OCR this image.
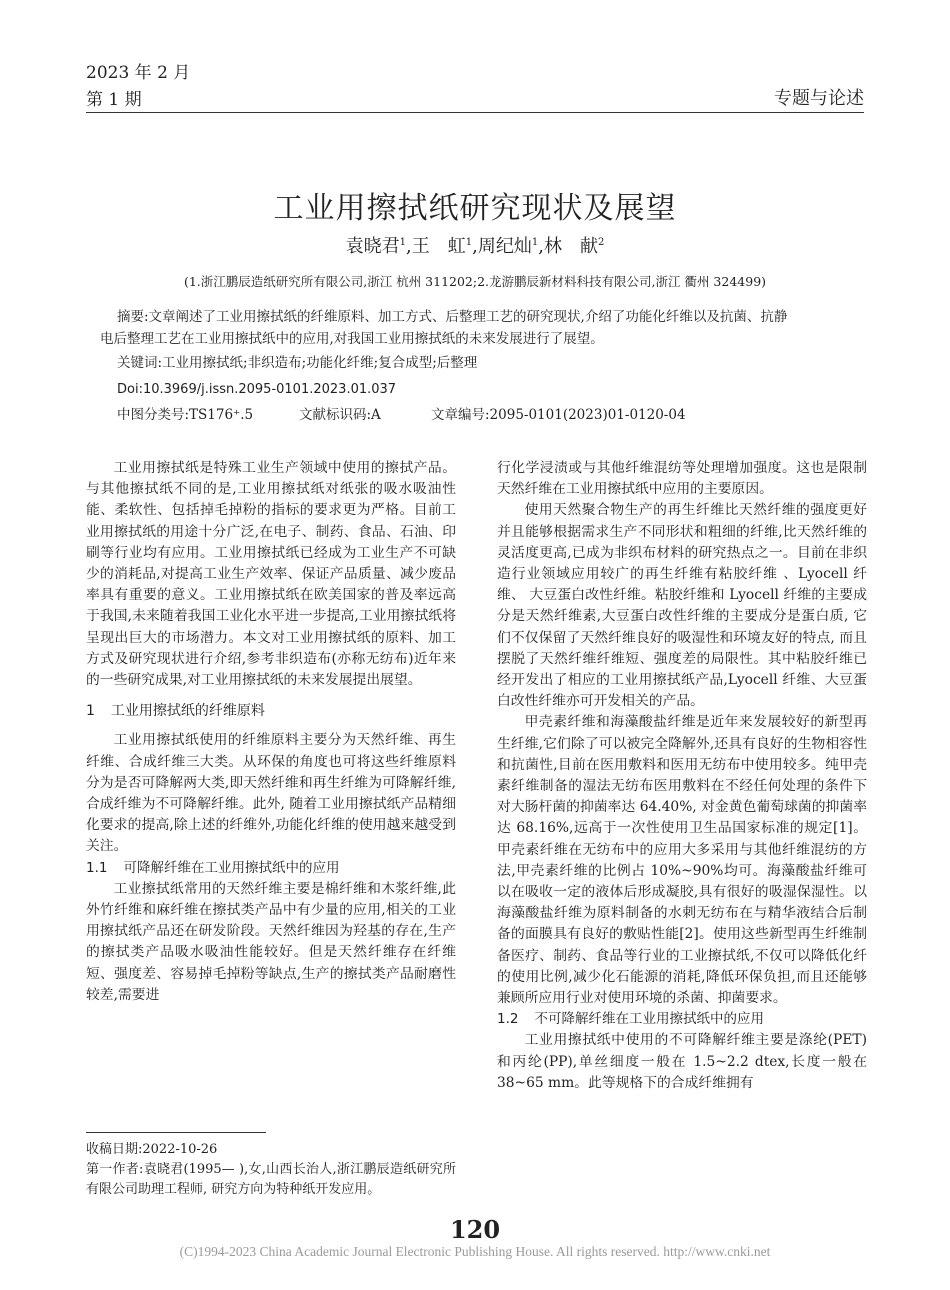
2023 年 2 月
第 1 期	专题与论述
工业用擦拭纸研究现状及展望
袁晓君$^1$,王　虹$^1$,周纪灿$^1$,林　献$^2$
(1.浙江鹏辰造纸研究所有限公司,浙江 杭州 311202;2.龙游鹏辰新材料科技有限公司,浙江 衢州 324499)
摘要:文章阐述了工业用擦拭纸的纤维原料、加工方式、后整理工艺的研究现状,介绍了功能化纤维以及抗菌、抗静
电后整理工艺在工业用擦拭纸中的应用,对我国工业用擦拭纸的未来发展进行了展望。
关键词:工业用擦拭纸;非织造布;功能化纤维;复合成型;后整理
Doi:10.3969/j.issn.2095-0101.2023.01.037
中图分类号:TS176⁺.5	文献标识码:A	文章编号:2095-0101(2023)01-0120-04

工业用擦拭纸是特殊工业生产领域中使用的擦拭产品。与其他擦拭纸不同的是,工业用擦拭纸对纸张的吸水吸油性能、柔软性、包括掉毛掉粉的指标的要求更为严格。目前工业用擦拭纸的用途十分广泛,在电子、制药、食品、石油、印刷等行业均有应用。工业用擦拭纸已经成为工业生产不可缺少的消耗品,对提高工业生产效率、保证产品质量、减少废品率具有重要的意义。工业用擦拭纸在欧美国家的普及率远高于我国,未来随着我国工业化水平进一步提高,工业用擦拭纸将呈现出巨大的市场潜力。本文对工业用擦拭纸的原料、加工方式及研究现状进行介绍,参考非织造布(亦称无纺布)近年来的一些研究成果,对工业用擦拭纸的未来发展提出展望。

1 工业用擦拭纸的纤维原料

工业用擦拭纸使用的纤维原料主要分为天然纤维、再生纤维、合成纤维三大类。从环保的角度也可将这些纤维原料分为是否可降解两大类,即天然纤维和再生纤维为可降解纤维, 合成纤维为不可降解纤维。此外, 随着工业用擦拭纸产品精细化要求的提高,除上述的纤维外,功能化纤维的使用越来越受到关注。

1.1 可降解纤维在工业用擦拭纸中的应用

工业擦拭纸常用的天然纤维主要是棉纤维和木浆纤维,此外竹纤维和麻纤维在擦拭类产品中有少量的应用,相关的工业用擦拭纸产品还在研发阶段。天然纤维因为羟基的存在,生产的擦拭类产品吸水吸油性能较好。但是天然纤维存在纤维短、强度差、容易掉毛掉粉等缺点,生产的擦拭类产品耐磨性较差,需要进

收稿日期:2022-10-26

第一作者:袁晓君(1995— ),女,山西长治人,浙江鹏辰造纸研究所有限公司助理工程师, 研究方向为特种纸开发应用。

行化学浸渍或与其他纤维混纺等处理增加强度。这也是限制天然纤维在工业用擦拭纸中应用的主要原因。

使用天然聚合物生产的再生纤维比天然纤维的强度更好并且能够根据需求生产不同形状和粗细的纤维,比天然纤维的灵活度更高,已成为非织布材料的研究热点之一。目前在非织造行业领域应用较广的再生纤维有粘胶纤维 、Lyocell 纤维、 大豆蛋白改性纤维。粘胶纤维和 Lyocell 纤维的主要成分是天然纤维素,大豆蛋白改性纤维的主要成分是蛋白质, 它们不仅保留了天然纤维良好的吸湿性和环境友好的特点, 而且摆脱了天然纤维纤维短、强度差的局限性。其中粘胶纤维已经开发出了相应的工业用擦拭纸产品,Lyocell 纤维、大豆蛋白改性纤维亦可开发相关的产品。

甲壳素纤维和海藻酸盐纤维是近年来发展较好的新型再生纤维,它们除了可以被完全降解外,还具有良好的生物相容性和抗菌性,目前在医用敷料和医用无纺布中使用较多。纯甲壳素纤维制备的湿法无纺布医用敷料在不经任何处理的条件下对大肠杆菌的抑菌率达 64.40%, 对金黄色葡萄球菌的抑菌率达 68.16%,远高于一次性使用卫生品国家标准的规定[1]。甲壳素纤维在无纺布中的应用大多采用与其他纤维混纺的方法,甲壳素纤维的比例占 10%~90%均可。海藻酸盐纤维可以在吸收一定的液体后形成凝胶,具有很好的吸湿保湿性。以海藻酸盐纤维为原料制备的水刺无纺布在与精华液结合后制备的面膜具有良好的敷贴性能[2]。使用这些新型再生纤维制备医疗、制药、食品等行业的工业擦拭纸,不仅可以降低化纤的使用比例,减少化石能源的消耗,降低环保负担,而且还能够兼顾所应用行业对使用环境的杀菌、抑菌要求。

1.2 不可降解纤维在工业用擦拭纸中的应用

工业用擦拭纸中使用的不可降解纤维主要是涤纶(PET)和丙纶(PP),单丝细度一般在 1.5~2.2 dtex,长度一般在 38~65 mm。此等规格下的合成纤维拥有

120
(C)1994-2023 China Academic Journal Electronic Publishing House. All rights reserved. http://www.cnki.net
